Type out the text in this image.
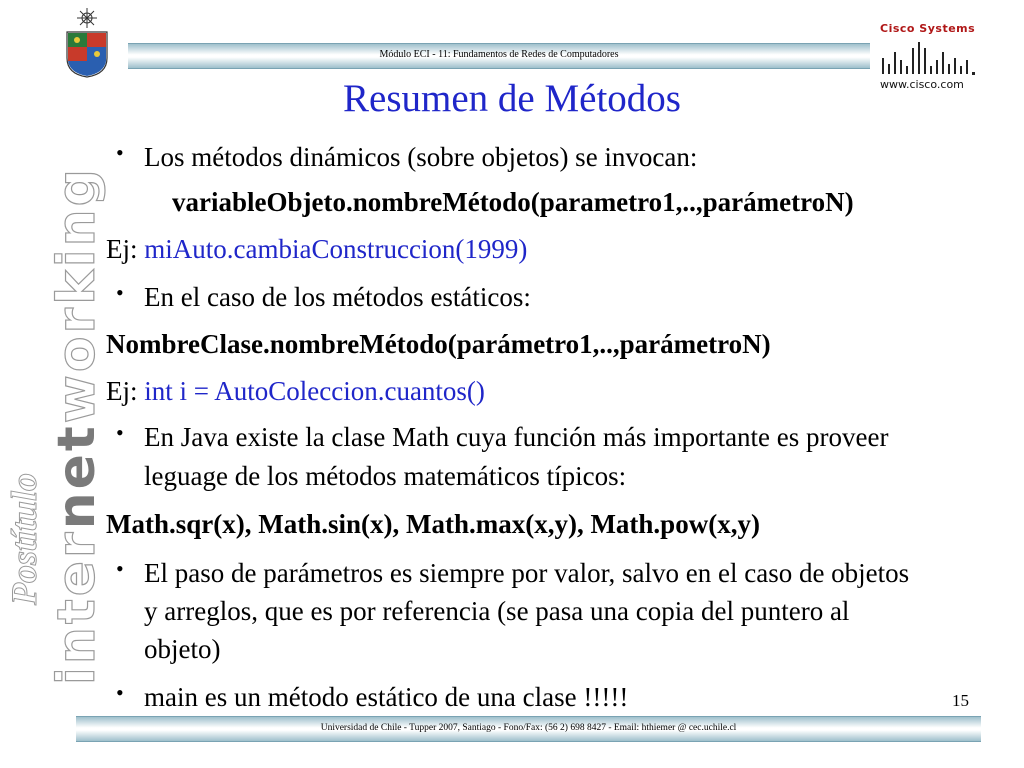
Cisco Systems
www.cisco.com
internetworking
Postítulo
Módulo ECI - 11: Fundamentos de Redes de Computadores
Resumen de Métodos
• Los métodos dinámicos (sobre objetos) se invocan:
variableObjeto.nombreMétodo(parametro1,..,parámetroN)
Ej: miAuto.cambiaConstruccion(1999)
• En el caso de los métodos estáticos:
NombreClase.nombreMétodo(parámetro1,..,parámetroN)
Ej: int i = AutoColeccion.cuantos()
• En Java existe la clase Math cuya función más importante es proveer
leguage de los métodos matemáticos típicos:
Math.sqr(x), Math.sin(x), Math.max(x,y), Math.pow(x,y)
• El paso de parámetros es siempre por valor, salvo en el caso de objetos
y arreglos, que es por referencia (se pasa una copia del puntero al
objeto)
• main es un método estático de una clase !!!!!	15
Universidad de Chile - Tupper 2007, Santiago - Fono/Fax: (56 2) 698 8427 - Email: hthiemer @ cec.uchile.cl
